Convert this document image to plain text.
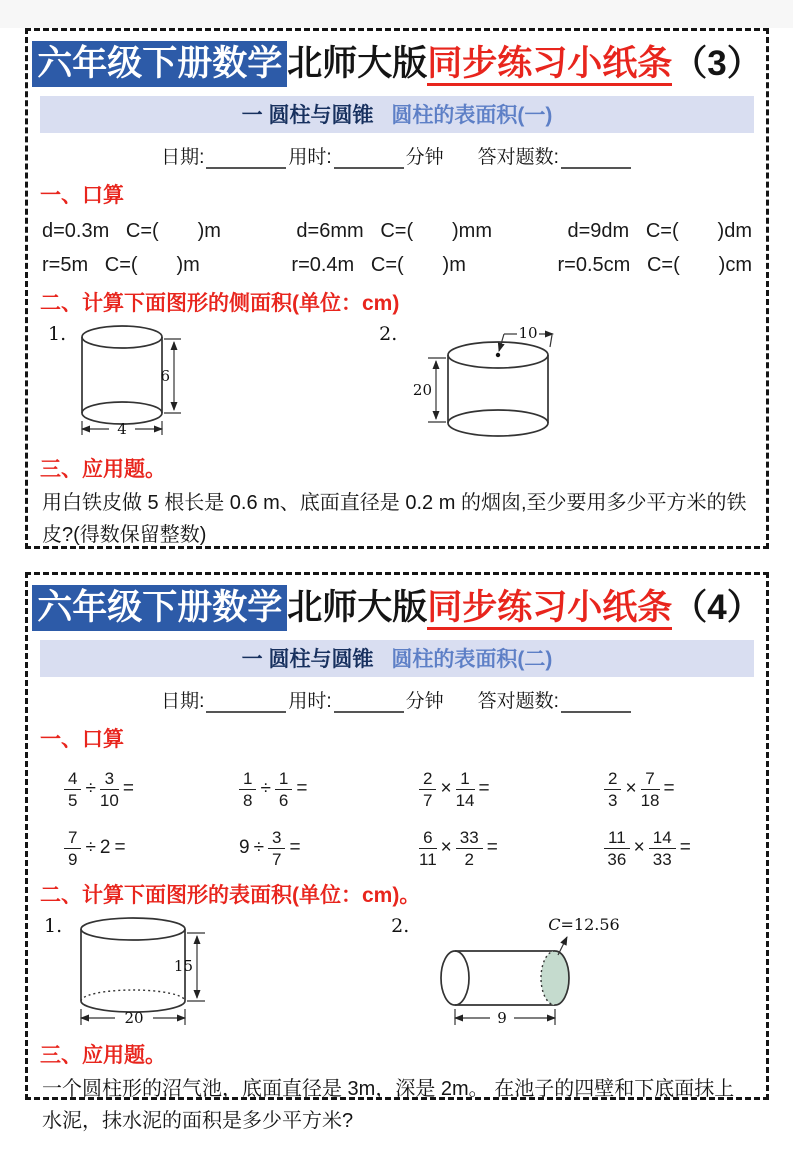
六年级下册数学 北师大版同步练习小纸条（3）
一 圆柱与圆锥 圆柱的表面积(一)
日期:	用时:	分钟 答对题数:
一、口算
d=0.3m   C=(       )m	d=6mm   C=(       )mm	d=9dm   C=(       )dm
r=5m   C=(       )m	r=0.4m   C=(       )m	r=0.5cm   C=(       )cm
二、计算下面图形的侧面积(单位：cm)
1.
6
4
2.	10
20
三、应用题。
用白铁皮做 5 根长是 0.6 m、底面直径是 0.2 m 的烟囱,至少要用多少平方米的铁皮?(得数保留整数)
六年级下册数学 北师大版同步练习小纸条（4）
一 圆柱与圆锥 圆柱的表面积(二)
日期:	用时:	分钟 答对题数:
一、口算
$\frac{4}{5} \div \frac{3}{10}$ =	$\frac{1}{8} \div \frac{1}{6}$ =	$\frac{2}{7} \times \frac{1}{14}$ =	$\frac{2}{3} \times \frac{7}{18}$ =
$\frac{7}{9} \div 2$ =	$9 \div \frac{3}{7}$ =	$\frac{6}{11} \times \frac{33}{2}$ =	$\frac{11}{36} \times \frac{14}{33}$ =
二、计算下面图形的表面积(单位：cm)。
1.
15
20
2.	C=12.56
9
三、应用题。
一个圆柱形的沼气池，底面直径是 3m，深是 2m。 在池子的四壁和下底面抹上水泥，抹水泥的面积是多少平方米?
